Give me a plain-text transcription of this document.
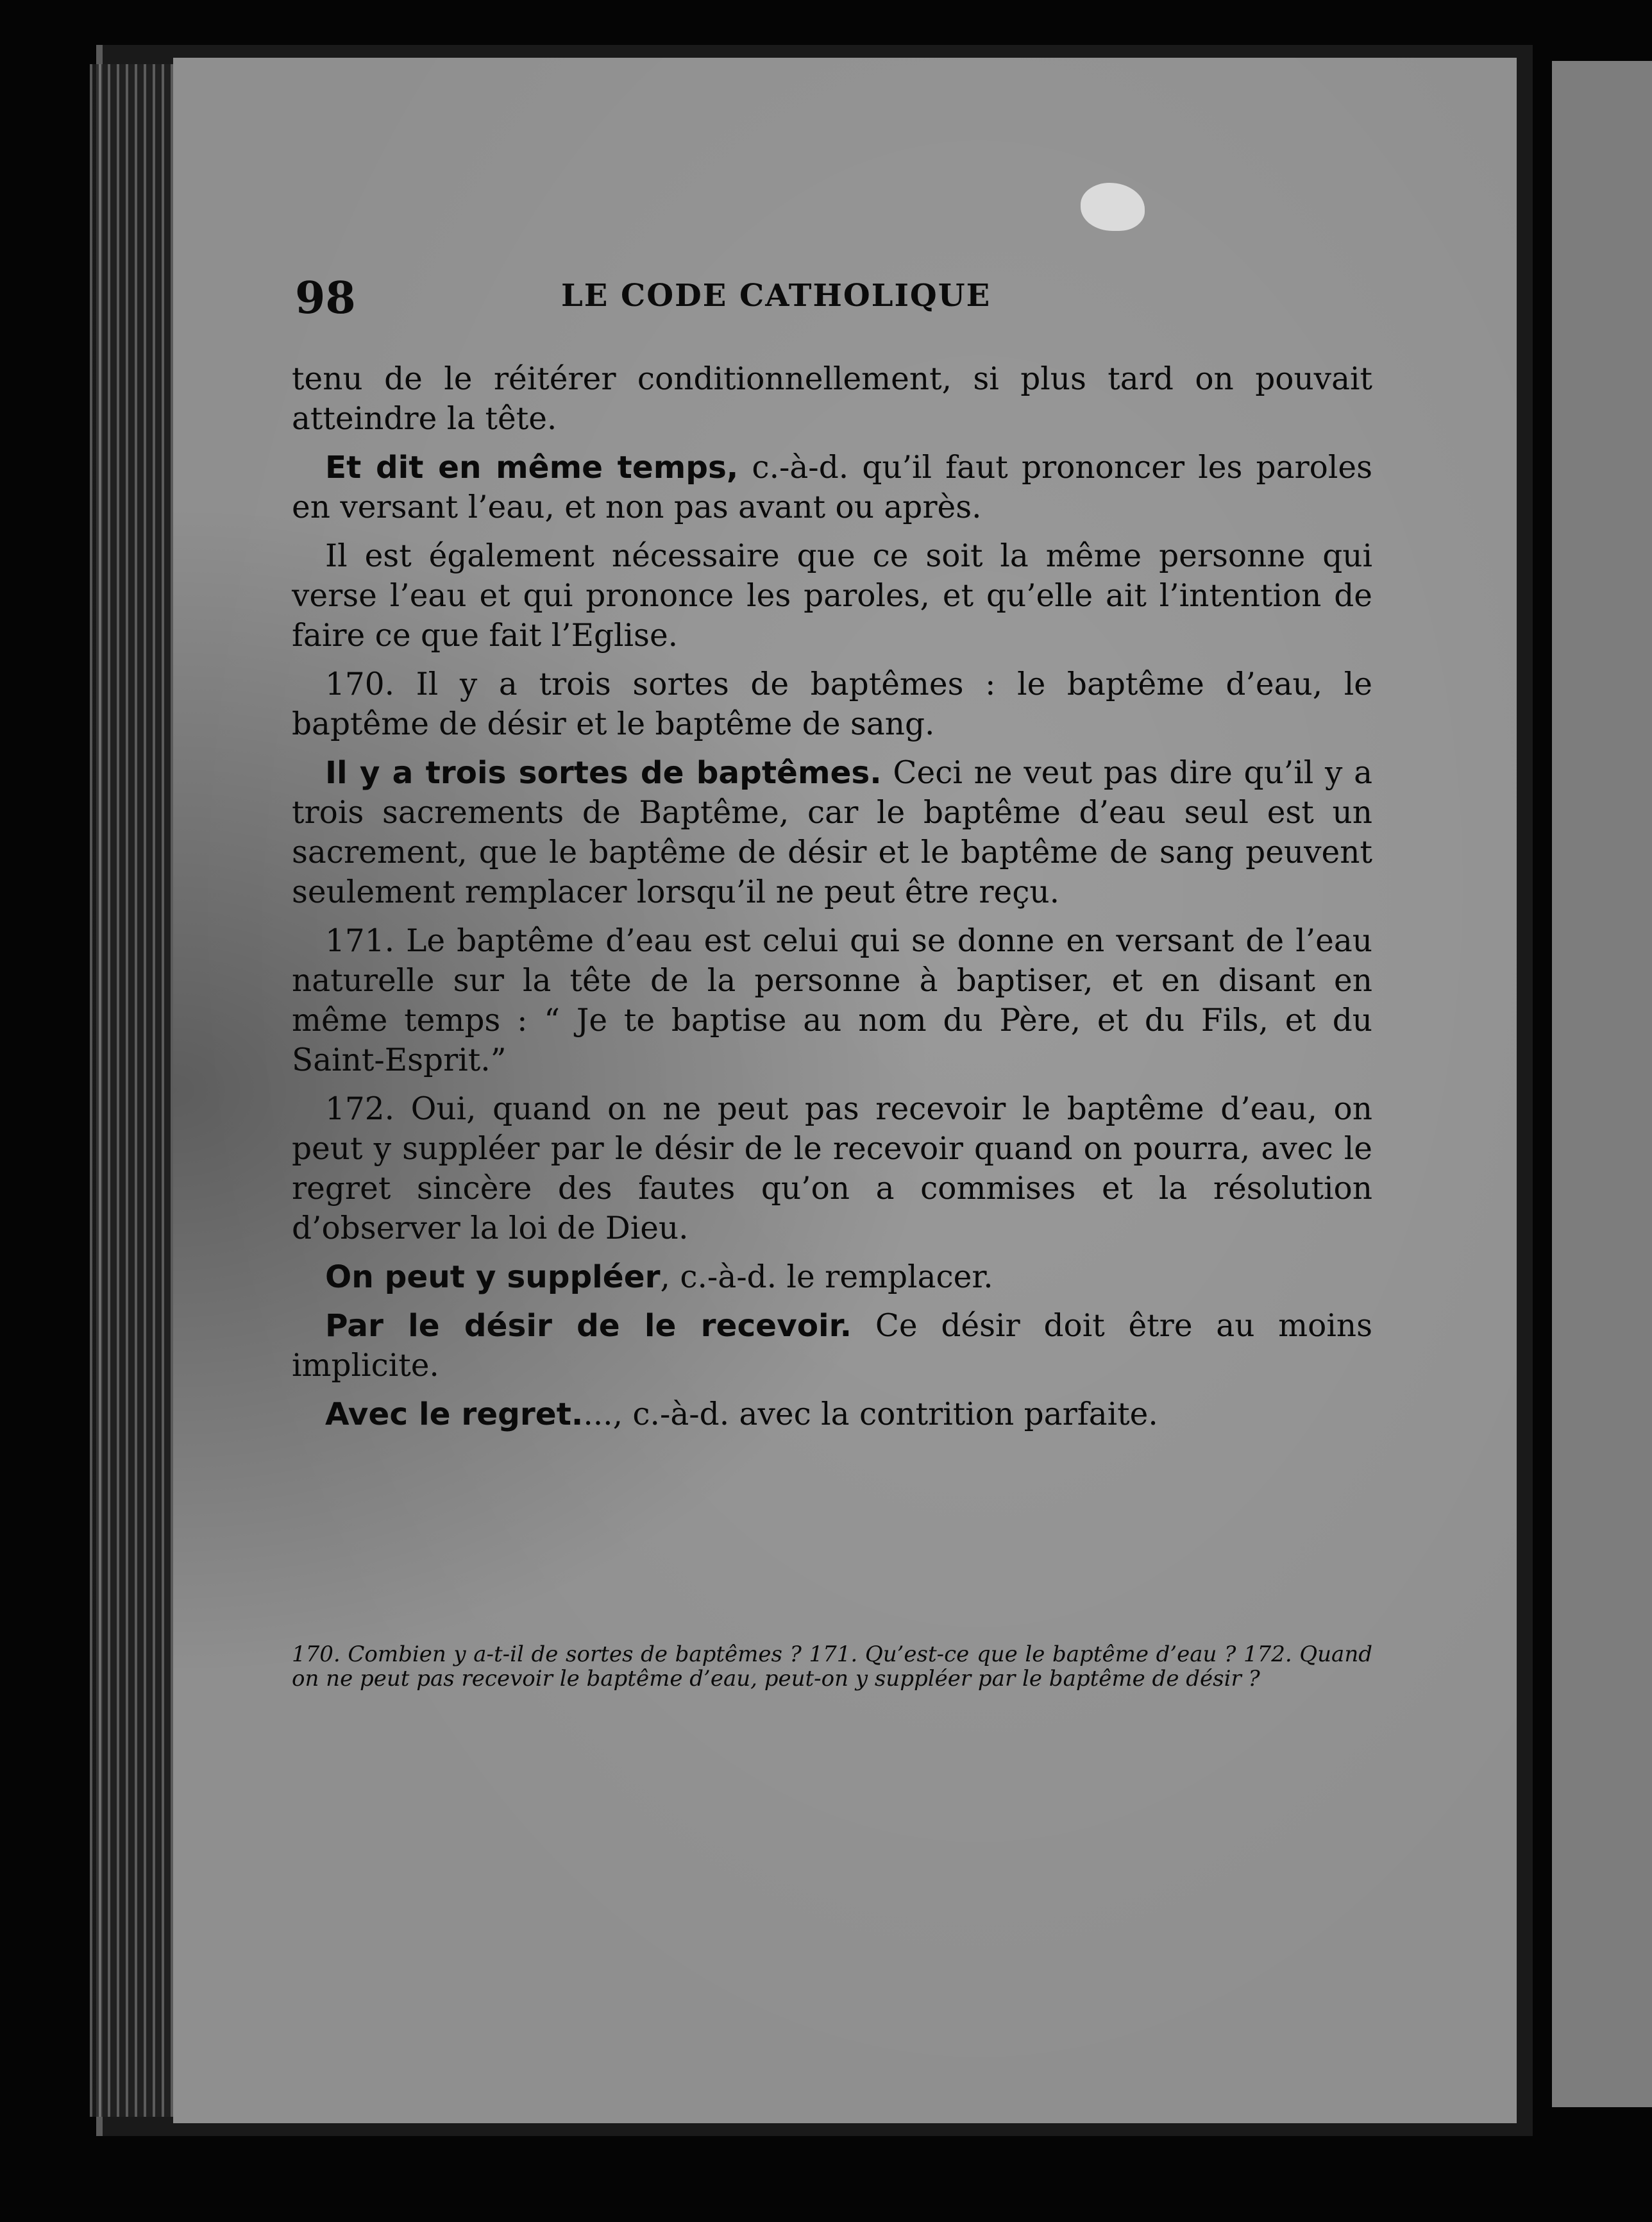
98	LE CODE CATHOLIQUE

tenu de le réitérer conditionnellement, si plus tard on pouvait atteindre la tête.

Et dit en même temps, c.-à-d. qu’il faut prononcer les paroles en versant l’eau, et non pas avant ou après.

Il est également nécessaire que ce soit la même personne qui verse l’eau et qui prononce les paroles, et qu’elle ait l’intention de faire ce que fait l’Eglise.

170. Il y a trois sortes de baptêmes : le baptême d’eau, le baptême de désir et le baptême de sang.

Il y a trois sortes de baptêmes. Ceci ne veut pas dire qu’il y a trois sacrements de Baptême, car le baptême d’eau seul est un sacrement, que le baptême de désir et le baptême de sang peuvent seulement remplacer lorsqu’il ne peut être reçu.

171. Le baptême d’eau est celui qui se donne en versant de l’eau naturelle sur la tête de la personne à baptiser, et en disant en même temps : “ Je te baptise au nom du Père, et du Fils, et du Saint-Esprit.”

172. Oui, quand on ne peut pas recevoir le baptême d’eau, on peut y suppléer par le désir de le recevoir quand on pourra, avec le regret sincère des fautes qu’on a commises et la résolution d’observer la loi de Dieu.

On peut y suppléer, c.-à-d. le remplacer.

Par le désir de le recevoir. Ce désir doit être au moins implicite.

Avec le regret...., c.-à-d. avec la contrition parfaite.

170. Combien y a-t-il de sortes de baptêmes ? 171. Qu’est-ce que le baptême d’eau ? 172. Quand on ne peut pas recevoir le baptême d’eau, peut-on y suppléer par le baptême de désir ?
